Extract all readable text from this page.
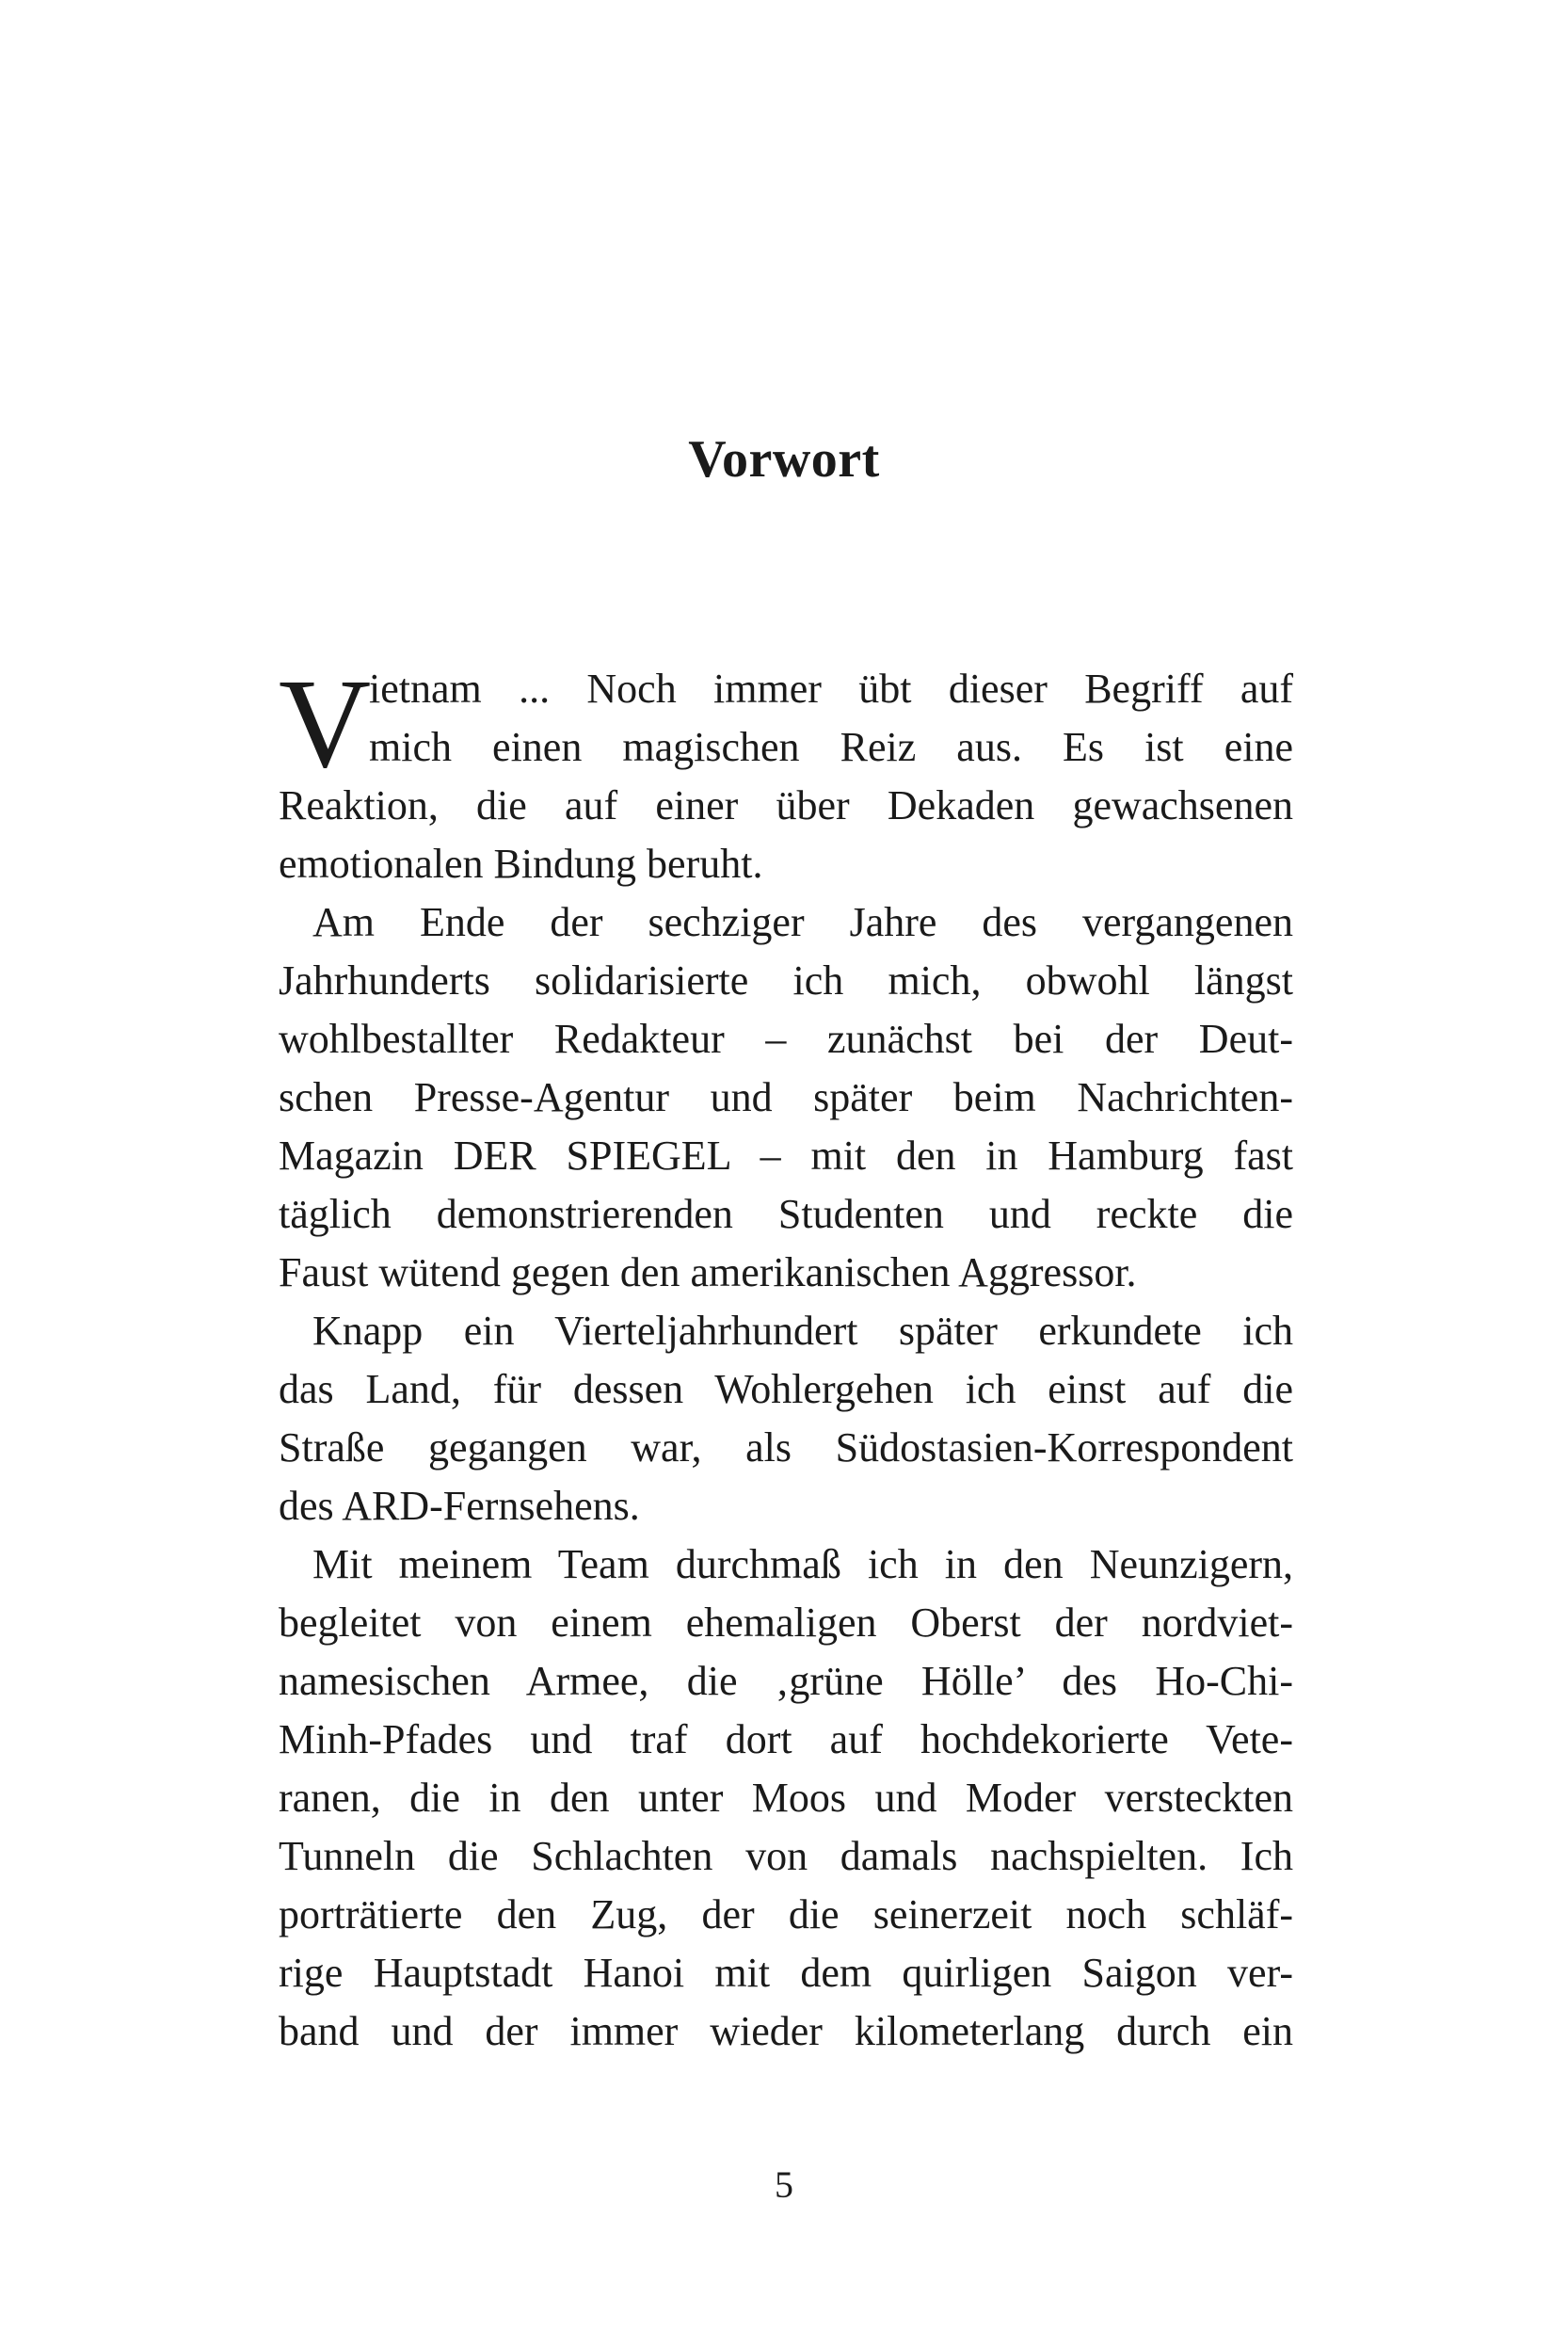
Vorwort
V
ietnam ... Noch immer übt dieser Begriff auf
mich einen magischen Reiz aus. Es ist eine
Reaktion, die auf einer über Dekaden gewachsenen
emotionalen Bindung beruht.
Am Ende der sechziger Jahre des vergangenen
Jahrhunderts solidarisierte ich mich, obwohl längst
wohlbestallter Redakteur – zunächst bei der Deut-
schen Presse-Agentur und später beim Nachrichten-
Magazin DER SPIEGEL – mit den in Hamburg fast
täglich demonstrierenden Studenten und reckte die
Faust wütend gegen den amerikanischen Aggressor.
Knapp ein Vierteljahrhundert später erkundete ich
das Land, für dessen Wohlergehen ich einst auf die
Straße gegangen war, als Südostasien-Korrespondent
des ARD-Fernsehens.
Mit meinem Team durchmaß ich in den Neunzigern,
begleitet von einem ehemaligen Oberst der nordviet-
namesischen Armee, die ‚grüne Hölle’ des Ho-Chi-
Minh-Pfades und traf dort auf hochdekorierte Vete-
ranen, die in den unter Moos und Moder versteckten
Tunneln die Schlachten von damals nachspielten. Ich
porträtierte den Zug, der die seinerzeit noch schläf-
rige Hauptstadt Hanoi mit dem quirligen Saigon ver-
band und der immer wieder kilometerlang durch ein
5
